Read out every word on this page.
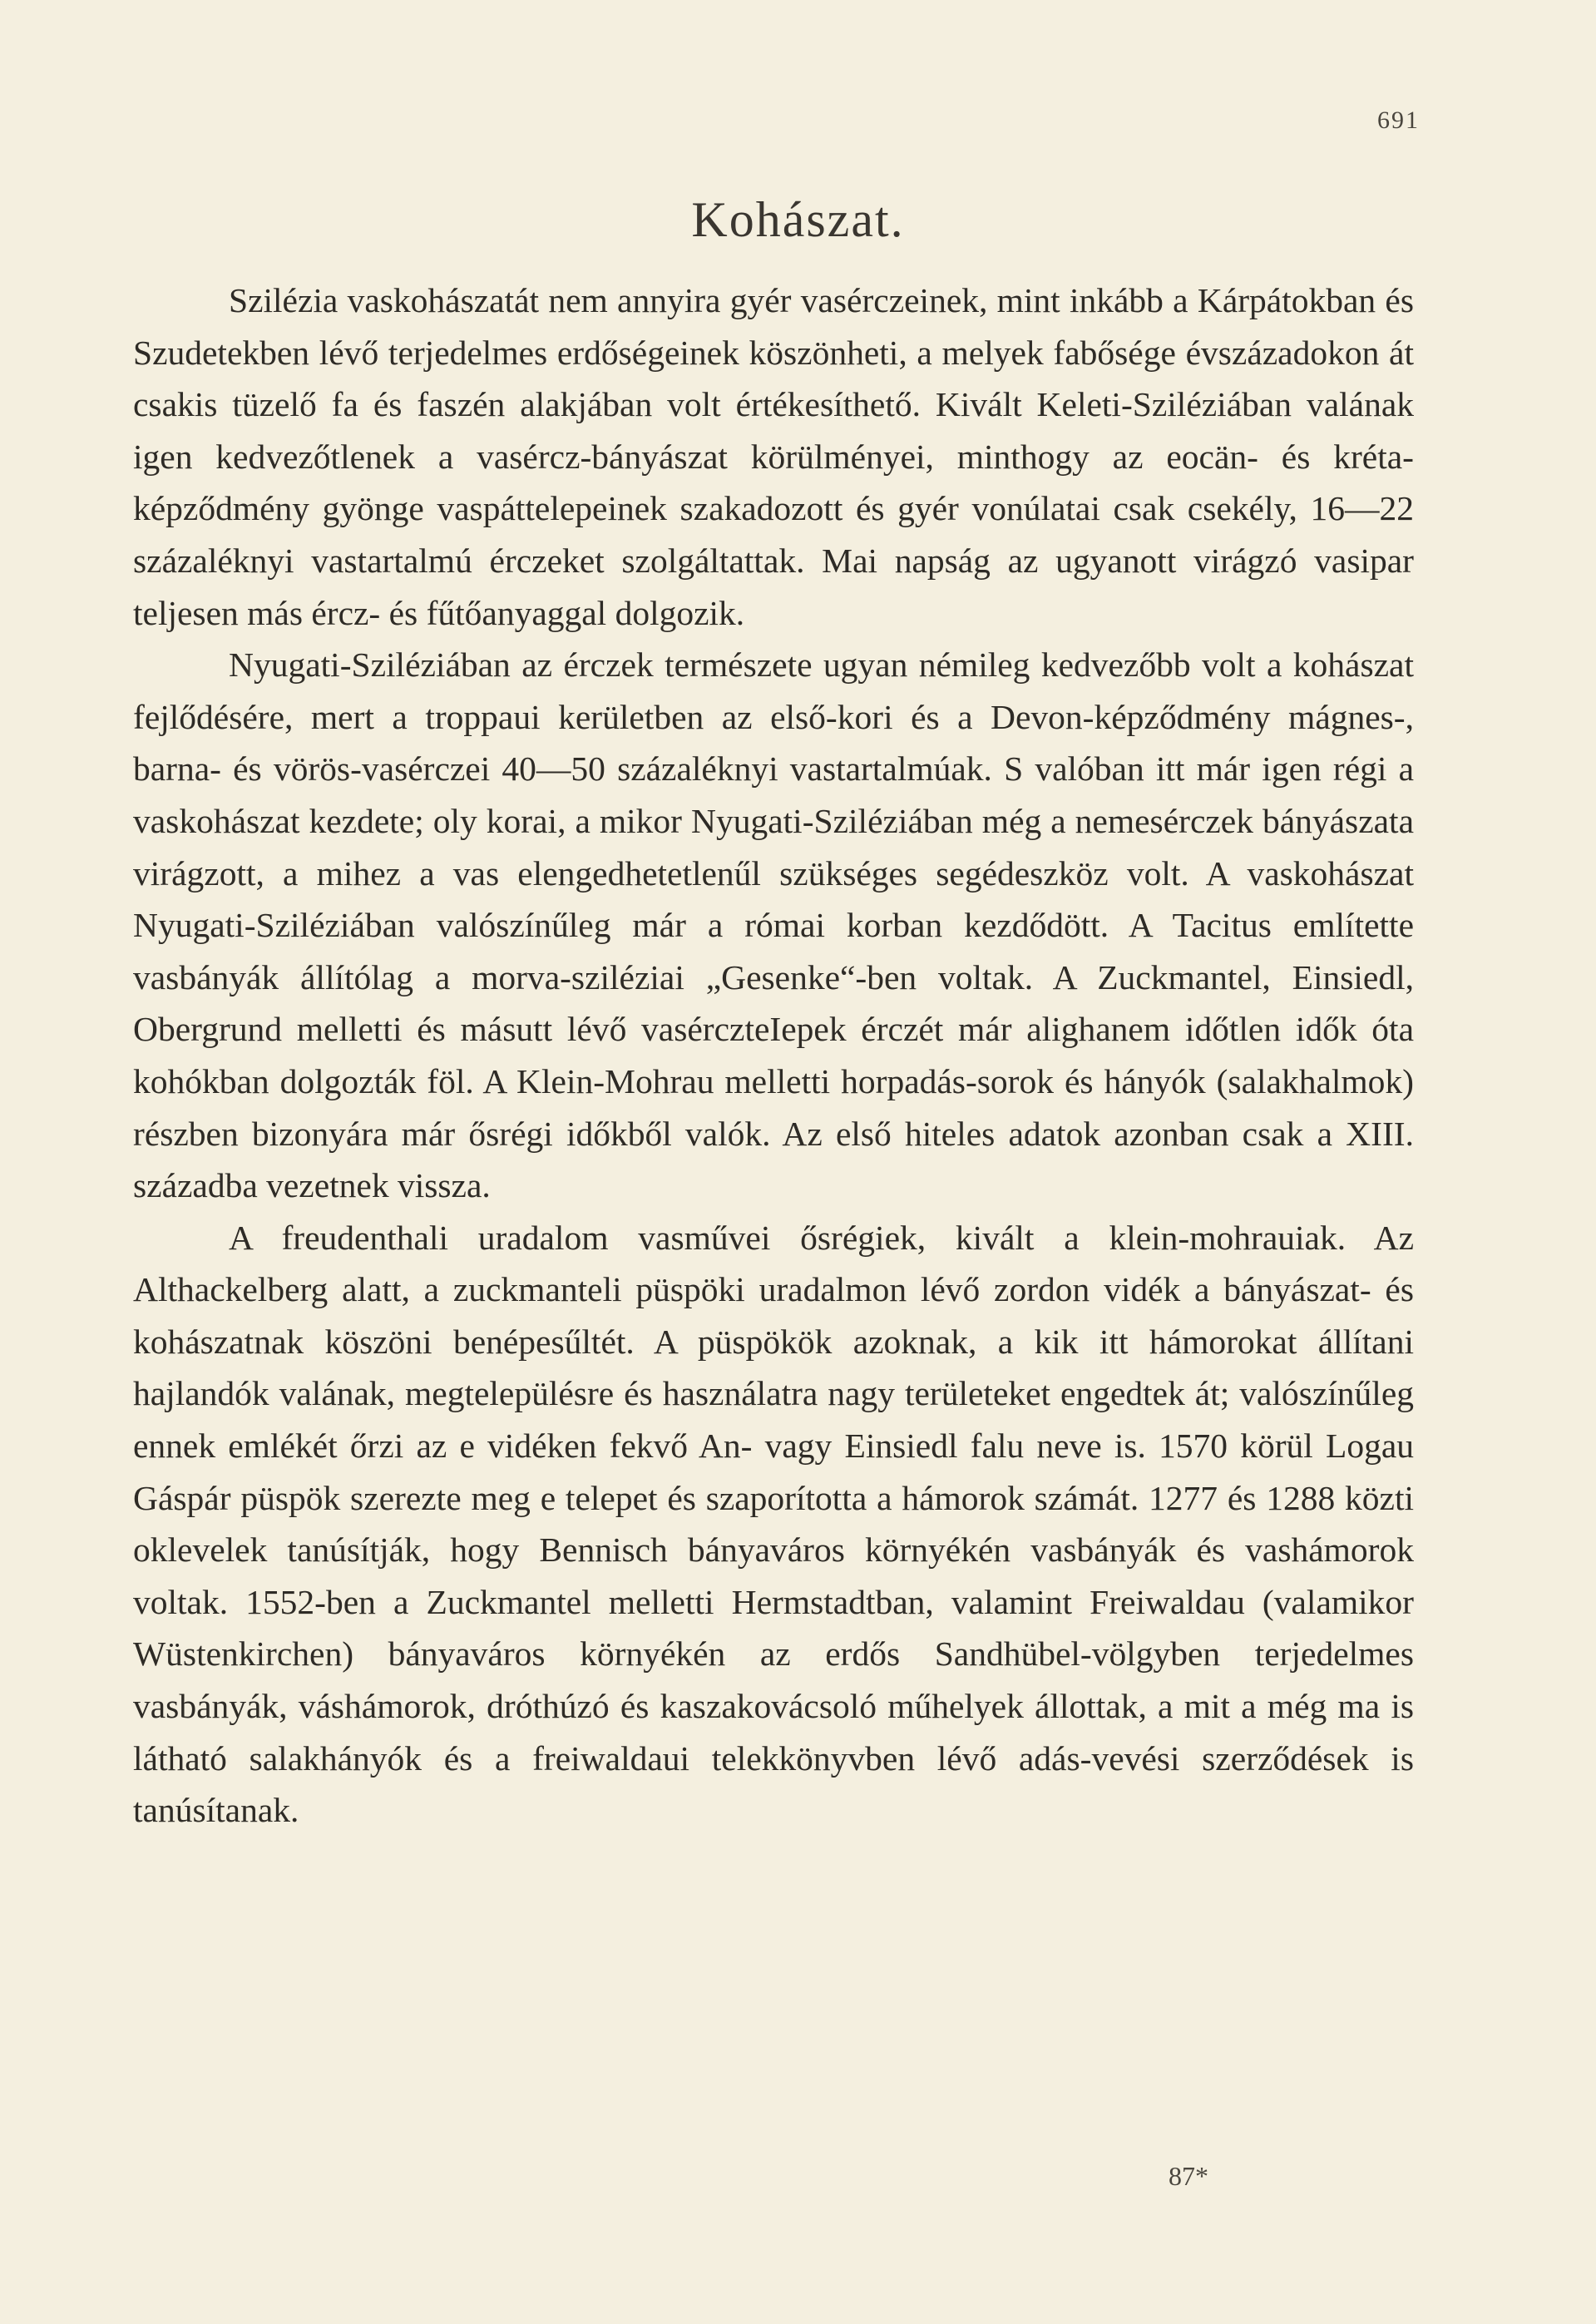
691
Kohászat.

Szilézia vaskohászatát nem annyira gyér vasérczeinek, mint inkább a Kárpátokban és Szudetekben lévő terjedelmes erdőségeinek köszönheti, a melyek fabősége évszázadokon át csakis tüzelő fa és faszén alakjában volt értékesíthető. Kivált Keleti-Sziléziában valának igen kedvezőtlenek a vasércz-bányászat körülményei, minthogy az eocän- és kréta-képződmény gyönge vaspáttelepeinek szakadozott és gyér vonúlatai csak csekély, 16—22 százaléknyi vastartalmú érczeket szolgáltattak. Mai napság az ugyanott virágzó vasipar teljesen más ércz- és fűtőanyaggal dolgozik.

Nyugati-Sziléziában az érczek természete ugyan némileg kedvezőbb volt a kohászat fejlődésére, mert a troppaui kerületben az első-kori és a Devon-képződmény mágnes-, barna- és vörös-vasérczei 40—50 százaléknyi vastartalmúak. S valóban itt már igen régi a vaskohászat kezdete; oly korai, a mikor Nyugati-Sziléziában még a nemesérczek bányászata virágzott, a mihez a vas elengedhetetlenűl szükséges segédeszköz volt. A vaskohászat Nyugati-Sziléziában valószínűleg már a római korban kezdődött. A Tacitus említette vasbányák állítólag a morva-sziléziai „Gesenke“-ben voltak. A Zuckmantel, Einsiedl, Obergrund melletti és másutt lévő vasérczteIepek érczét már alighanem időtlen idők óta kohókban dolgozták föl. A Klein-Mohrau melletti horpadás-sorok és hányók (salakhalmok) részben bizonyára már ősrégi időkből valók. Az első hiteles adatok azonban csak a XIII. századba vezetnek vissza.

A freudenthali uradalom vasművei ősrégiek, kivált a klein-mohrauiak. Az Althackelberg alatt, a zuckmanteli püspöki uradalmon lévő zordon vidék a bányászat- és kohászatnak köszöni benépesűltét. A püspökök azoknak, a kik itt hámorokat állítani hajlandók valának, megtelepülésre és használatra nagy területeket engedtek át; valószínűleg ennek emlékét őrzi az e vidéken fekvő An- vagy Einsiedl falu neve is. 1570 körül Logau Gáspár püspök szerezte meg e telepet és szaporította a hámorok számát. 1277 és 1288 közti oklevelek tanúsítják, hogy Bennisch bányaváros környékén vasbányák és vashámorok voltak. 1552-ben a Zuckmantel melletti Hermstadtban, valamint Freiwaldau (valamikor Wüstenkirchen) bányaváros környékén az erdős Sandhübel-völgyben terjedelmes vasbányák, váshámorok, dróthúzó és kaszakovácsoló műhelyek állottak, a mit a még ma is látható salakhányók és a freiwaldaui telekkönyvben lévő adás-vevési szerződések is tanúsítanak.

87*
